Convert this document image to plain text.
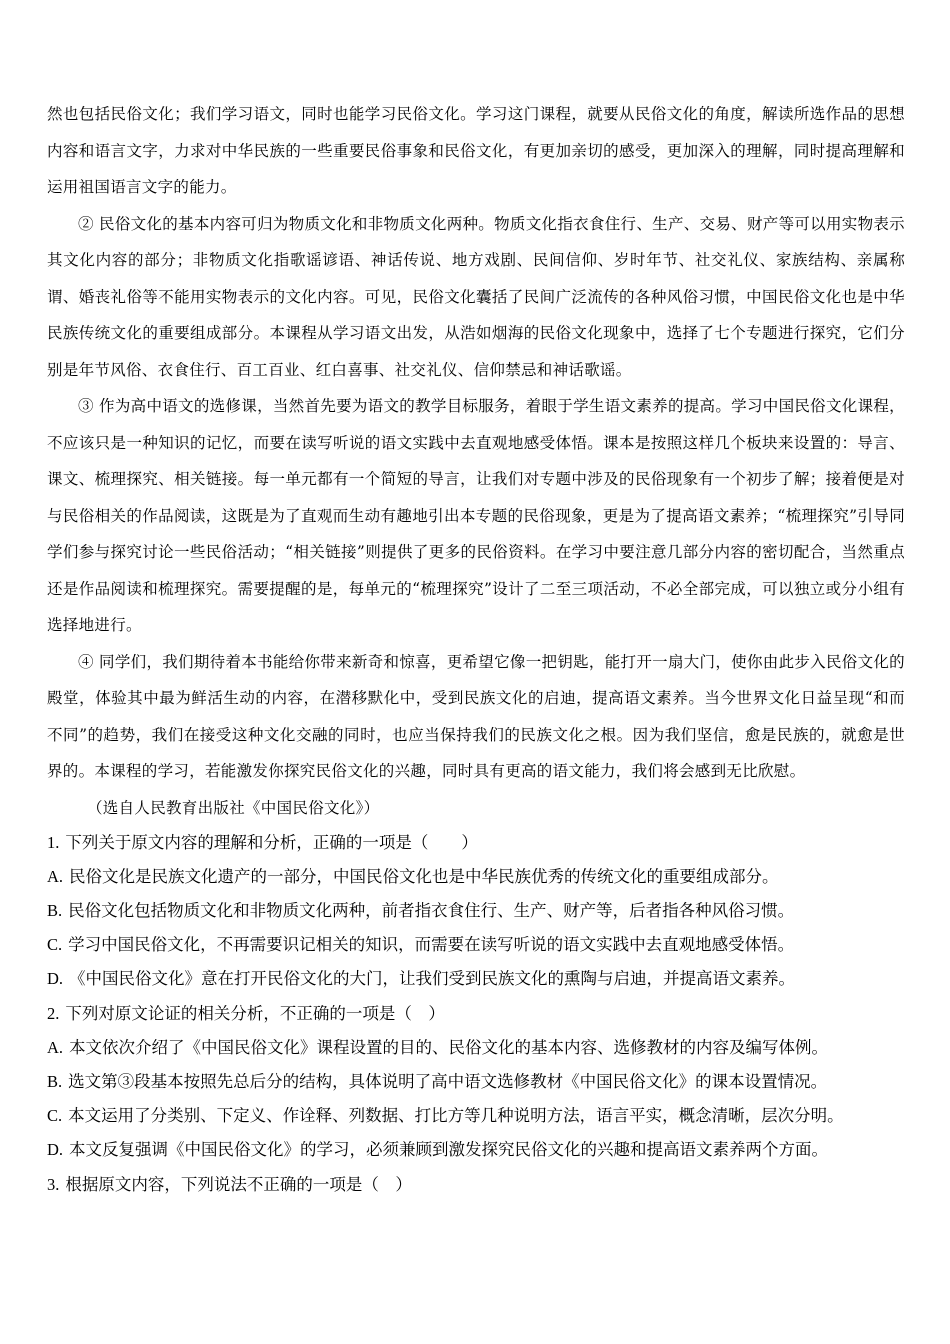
然也包括民俗文化；我们学习语文，同时也能学习民俗文化。学习这门课程，就要从民俗文化的角度，解读所选作品的思想内容和语言文字，力求对中华民族的一些重要民俗事象和民俗文化，有更加亲切的感受，更加深入的理解，同时提高理解和运用祖国语言文字的能力。

② 民俗文化的基本内容可归为物质文化和非物质文化两种。物质文化指衣食住行、生产、交易、财产等可以用实物表示其文化内容的部分；非物质文化指歌谣谚语、神话传说、地方戏剧、民间信仰、岁时年节、社交礼仪、家族结构、亲属称谓、婚丧礼俗等不能用实物表示的文化内容。可见，民俗文化囊括了民间广泛流传的各种风俗习惯，中国民俗文化也是中华民族传统文化的重要组成部分。本课程从学习语文出发，从浩如烟海的民俗文化现象中，选择了七个专题进行探究，它们分别是年节风俗、衣食住行、百工百业、红白喜事、社交礼仪、信仰禁忌和神话歌谣。

③ 作为高中语文的选修课，当然首先要为语文的教学目标服务，着眼于学生语文素养的提高。学习中国民俗文化课程，不应该只是一种知识的记忆，而要在读写听说的语文实践中去直观地感受体悟。课本是按照这样几个板块来设置的：导言、课文、梳理探究、相关链接。每一单元都有一个简短的导言，让我们对专题中涉及的民俗现象有一个初步了解；接着便是对与民俗相关的作品阅读，这既是为了直观而生动有趣地引出本专题的民俗现象，更是为了提高语文素养；“梳理探究”引导同学们参与探究讨论一些民俗活动；“相关链接”则提供了更多的民俗资料。在学习中要注意几部分内容的密切配合，当然重点还是作品阅读和梳理探究。需要提醒的是，每单元的“梳理探究”设计了二至三项活动，不必全部完成，可以独立或分小组有选择地进行。

④ 同学们，我们期待着本书能给你带来新奇和惊喜，更希望它像一把钥匙，能打开一扇大门，使你由此步入民俗文化的殿堂，体验其中最为鲜活生动的内容，在潜移默化中，受到民族文化的启迪，提高语文素养。当今世界文化日益呈现“和而不同”的趋势，我们在接受这种文化交融的同时，也应当保持我们的民族文化之根。因为我们坚信，愈是民族的，就愈是世界的。本课程的学习，若能激发你探究民俗文化的兴趣，同时具有更高的语文能力，我们将会感到无比欣慰。

（选自人民教育出版社《中国民俗文化》）

1. 下列关于原文内容的理解和分析，正确的一项是（　　）

A. 民俗文化是民族文化遗产的一部分，中国民俗文化也是中华民族优秀的传统文化的重要组成部分。

B. 民俗文化包括物质文化和非物质文化两种，前者指衣食住行、生产、财产等，后者指各种风俗习惯。

C. 学习中国民俗文化，不再需要识记相关的知识，而需要在读写听说的语文实践中去直观地感受体悟。

D. 《中国民俗文化》意在打开民俗文化的大门，让我们受到民族文化的熏陶与启迪，并提高语文素养。

2. 下列对原文论证的相关分析，不正确的一项是（　）

A. 本文依次介绍了《中国民俗文化》课程设置的目的、民俗文化的基本内容、选修教材的内容及编写体例。

B. 选文第③段基本按照先总后分的结构，具体说明了高中语文选修教材《中国民俗文化》的课本设置情况。

C. 本文运用了分类别、下定义、作诠释、列数据、打比方等几种说明方法，语言平实，概念清晰，层次分明。

D. 本文反复强调《中国民俗文化》的学习，必须兼顾到激发探究民俗文化的兴趣和提高语文素养两个方面。

3. 根据原文内容，下列说法不正确的一项是（　）
